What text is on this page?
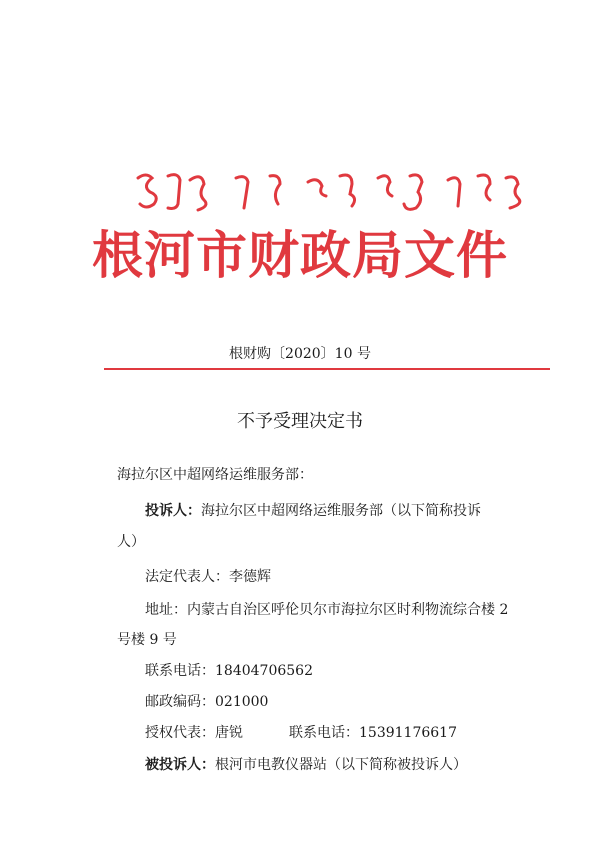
根河市财政局文件
根财购〔2020〕10 号
不予受理决定书
海拉尔区中超网络运维服务部：
投诉人：海拉尔区中超网络运维服务部（以下简称投诉
人）
法定代表人：李德辉
地址：内蒙古自治区呼伦贝尔市海拉尔区时利物流综合楼 2
号楼 9 号
联系电话：18404706562
邮政编码：021000
授权代表：唐锐	联系电话：15391176617
被投诉人：根河市电教仪器站（以下简称被投诉人）
